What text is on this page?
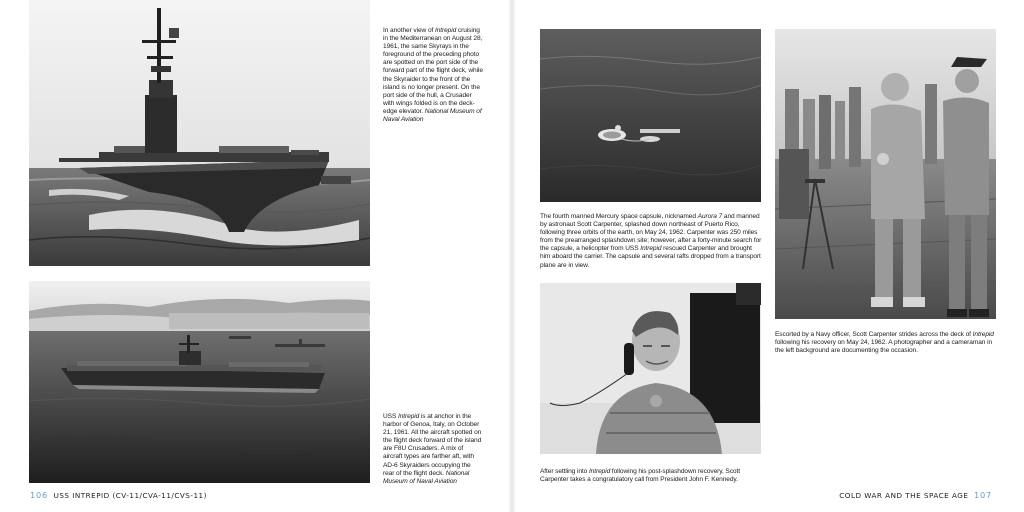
In another view of Intrepid cruising in the Mediterranean on August 28, 1961, the same Skyrays in the foreground of the preceding photo are spotted on the port side of the forward part of the flight deck, while the Skyraider to the front of the island is no longer present. On the port side of the hull, a Crusader with wings folded is on the deck-edge elevator. National Museum of Naval Aviation
USS Intrepid is at anchor in the harbor of Genoa, Italy, on October 21, 1961. All the aircraft spotted on the flight deck forward of the island are F8U Crusaders. A mix of aircraft types are farther aft, with AD-6 Skyraiders occupying the rear of the flight deck. National Museum of Naval Aviation
106 USS INTREPID (CV-11/CVA-11/CVS-11)
The fourth manned Mercury space capsule, nicknamed Aurora 7 and manned by astronaut Scott Carpenter, splashed down northeast of Puerto Rico, following three orbits of the earth, on May 24, 1962. Carpenter was 250 miles from the prearranged splashdown site; however, after a forty-minute search for the capsule, a helicopter from USS Intrepid rescued Carpenter and brought him aboard the carrier. The capsule and several rafts dropped from a transport plane are in view.
After settling into Intrepid following his post-splashdown recovery, Scott Carpenter takes a congratulatory call from President John F. Kennedy.
Escorted by a Navy officer, Scott Carpenter strides across the deck of Intrepid following his recovery on May 24, 1962. A photographer and a cameraman in the left background are documenting the occasion.
COLD WAR AND THE SPACE AGE 107
